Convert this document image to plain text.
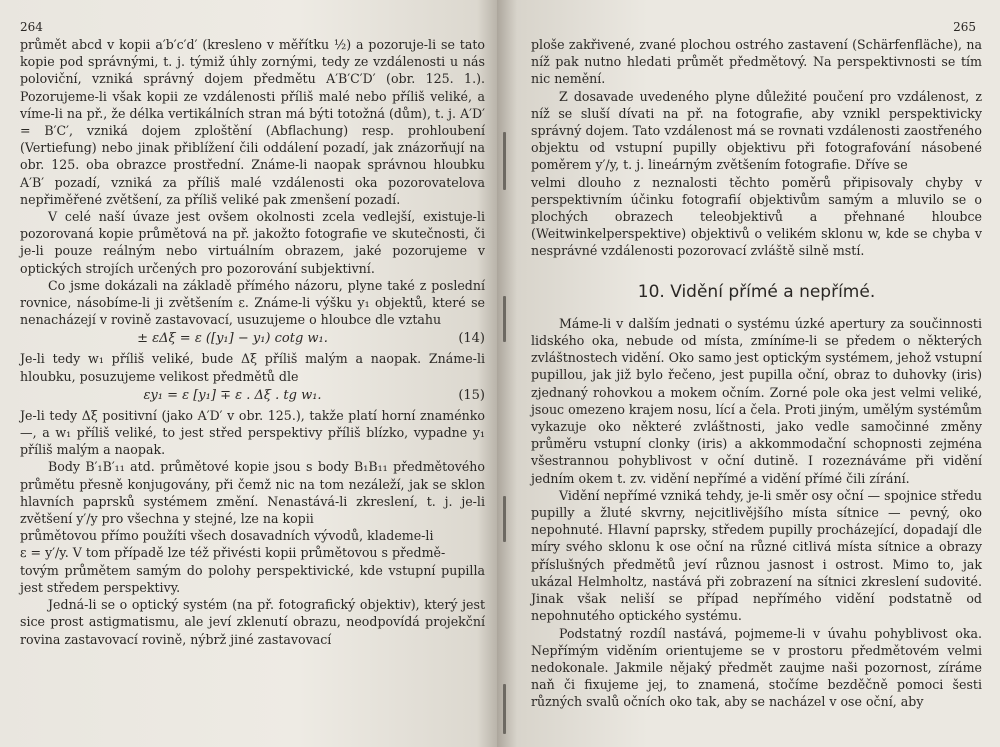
264

průmět abcd v kopii a′b′c′d′ (kresleno v měřítku ½) a pozoruje-li se tato kopie pod správnými, t. j. týmiž úhly zornými, tedy ze vzdálenosti u nás poloviční, vzniká správný dojem předmětu A′B′C′D′ (obr. 125. 1.). Pozorujeme-li však kopii ze vzdálenosti příliš malé nebo příliš veliké, a víme-li na př., že délka vertikálních stran má býti totožná (dům), t. j. A′D′ = B′C′, vzniká dojem zploštění (Abflachung) resp. prohloubení (Vertiefung) nebo jinak přiblížení čili oddálení pozadí, jak znázorňují na obr. 125. oba obrazce prostřední. Známe-li naopak správnou hloubku A′B′ pozadí, vzniká za příliš malé vzdálenosti oka pozorovatelova nepřiměřené zvětšení, za příliš veliké pak zmenšení pozadí.

V celé naší úvaze jest ovšem okolnosti zcela vedlejší, existuje-li pozorovaná kopie průmětová na př. jakožto fotografie ve skutečnosti, či je-li pouze reálným nebo virtuálním obrazem, jaké pozorujeme v optických strojích určených pro pozorování subjektivní.

Co jsme dokázali na základě přímého názoru, plyne také z poslední rovnice, násobíme-li ji zvětšením ε. Známe-li výšku y₁ objektů, které se nenacházejí v rovině zastavovací, usuzujeme o hloubce dle vztahu

± εΔξ = ε ([y₁] − y₁) cotg w₁.	(14)

Je-li tedy w₁ příliš veliké, bude Δξ příliš malým a naopak. Známe-li hloubku, posuzujeme velikost předmětů dle

εy₁ = ε [y₁] ∓ ε . Δξ . tg w₁.	(15)

Je-li tedy Δξ positivní (jako A′D′ v obr. 125.), takže platí horní znaménko —, a w₁ příliš veliké, to jest střed perspektivy příliš blízko, vypadne y₁ příliš malým a naopak.

Body B′₁B′₁₁ atd. průmětové kopie jsou s body B₁B₁₁ předmětového průmětu přesně konjugovány, při čemž nic na tom nezáleží, jak se sklon hlavních paprsků systémem změní. Nenastává-li zkreslení, t. j. je-li zvětšení y′/y pro všechna y stejné, lze na kopii

průmětovou přímo použíti všech dosavadních vývodů, klademe-li

ε = y′/y. V tom případě lze též přivésti kopii průmětovou s předmě-

tovým průmětem samým do polohy perspektivické, kde vstupní pupilla jest středem perspektivy.

Jedná-li se o optický systém (na př. fotografický objektiv), který jest sice prost astigmatismu, ale jeví zklenutí obrazu, neodpovídá projekční rovina zastavovací rovině, nýbrž jiné zastavovací

265

ploše zakřivené, zvané plochou ostrého zastavení (Schärfenfläche), na níž pak nutno hledati průmět předmětový. Na perspektivnosti se tím nic nemění.

Z dosavade uvedeného plyne důležité poučení pro vzdálenost, z níž se sluší dívati na př. na fotografie, aby vznikl perspektivicky správný dojem. Tato vzdálenost má se rovnati vzdálenosti zaostřeného objektu od vstupní pupilly objektivu při fotografování násobené poměrem y′/y, t. j. lineárným zvětšením fotografie. Dříve se

velmi dlouho z neznalosti těchto poměrů připisovaly chyby v perspektivním účinku fotografií objektivům samým a mluvilo se o plochých obrazech teleobjektivů a přehnané hloubce (Weitwinkelperspektive) objektivů o velikém sklonu w, kde se chyba v nesprávné vzdálenosti pozorovací zvláště silně mstí.

10. Vidění přímé a nepřímé.

Máme-li v dalším jednati o systému úzké apertury za součinnosti lidského oka, nebude od místa, zmíníme-li se předem o některých zvláštnostech vidění. Oko samo jest optickým systémem, jehož vstupní pupillou, jak již bylo řečeno, jest pupilla oční, obraz to duhovky (iris) zjednaný rohovkou a mokem očním. Zorné pole oka jest velmi veliké, jsouc omezeno krajem nosu, lící a čela. Proti jiným, umělým systémům vykazuje oko některé zvláštnosti, jako vedle samočinné změny průměru vstupní clonky (iris) a akkommodační schopnosti zejména všestrannou pohyblivost v oční dutině. I rozeznáváme při vidění jedním okem t. zv. vidění nepřímé a vidění přímé čili zírání.

Vidění nepřímé vzniká tehdy, je-li směr osy oční — spojnice středu pupilly a žluté skvrny, nejcitlivějšího místa sítnice — pevný, oko nepohnuté. Hlavní paprsky, středem pupilly procházející, dopadají dle míry svého sklonu k ose oční na různé citlivá místa sítnice a obrazy příslušných předmětů jeví různou jasnost i ostrost. Mimo to, jak ukázal Helmholtz, nastává při zobrazení na sítnici zkreslení sudovité. Jinak však neliší se případ nepřímého vidění podstatně od nepohnutého optického systému.

Podstatný rozdíl nastává, pojmeme-li v úvahu pohyblivost oka. Nepřímým viděním orientujeme se v prostoru předmětovém velmi nedokonale. Jakmile nějaký předmět zaujme naši pozornost, zíráme naň či fixujeme jej, to znamená, stočíme bezděčně pomoci šesti různých svalů očních oko tak, aby se nacházel v ose oční, aby
